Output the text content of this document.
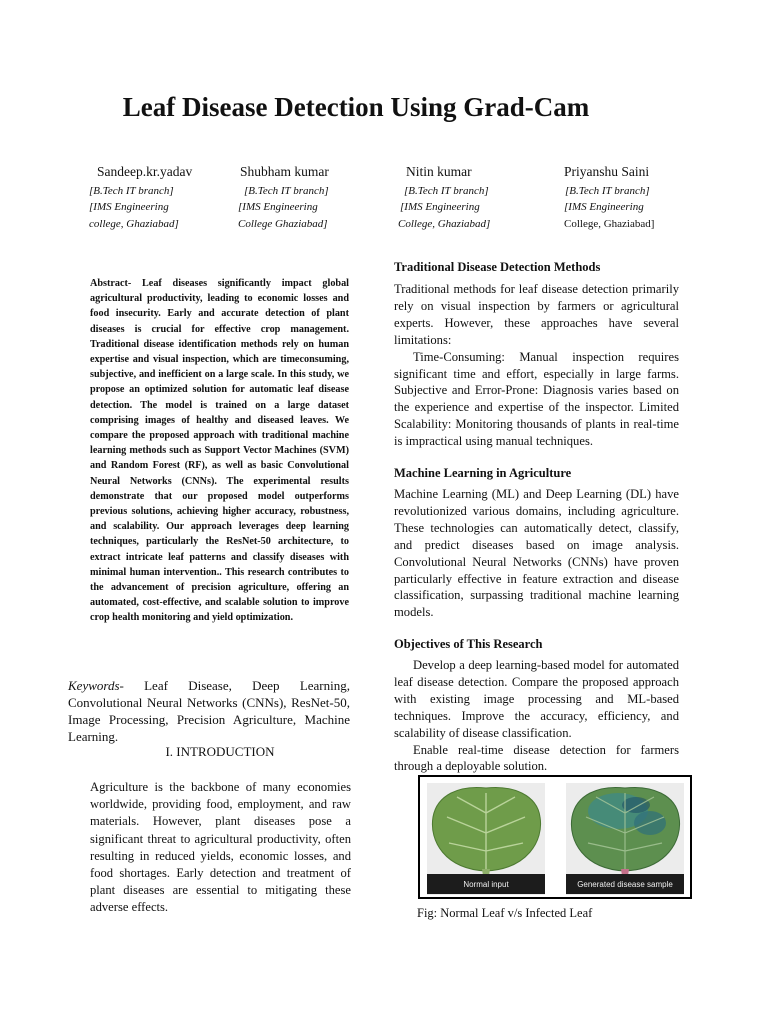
Leaf Disease Detection Using Grad-Cam
Sandeep.kr.yadav
[B.Tech IT branch]
[IMS Engineering
college, Ghaziabad]
Shubham kumar
[B.Tech IT branch]
[IMS Engineering
College Ghaziabad]
Nitin kumar
[B.Tech IT branch]
[IMS Engineering
College, Ghaziabad]
Priyanshu Saini
[B.Tech IT branch]
[IMS Engineering
College, Ghaziabad]
Abstract- Leaf diseases significantly impact global agricultural productivity, leading to economic losses and food insecurity. Early and accurate detection of plant diseases is crucial for effective crop management. Traditional disease identification methods rely on human expertise and visual inspection, which are timeconsuming, subjective, and inefficient on a large scale. In this study, we propose an optimized solution for automatic leaf disease detection. The model is trained on a large dataset comprising images of healthy and diseased leaves. We compare the proposed approach with traditional machine learning methods such as Support Vector Machines (SVM) and Random Forest (RF), as well as basic Convolutional Neural Networks (CNNs). The experimental results demonstrate that our proposed model outperforms previous solutions, achieving higher accuracy, robustness, and scalability. Our approach leverages deep learning techniques, particularly the ResNet-50 architecture, to extract intricate leaf patterns and classify diseases with minimal human intervention.. This research contributes to the advancement of precision agriculture, offering an automated, cost-effective, and scalable solution to improve crop health monitoring and yield optimization.
Keywords- Leaf Disease, Deep Learning, Convolutional Neural Networks (CNNs), ResNet-50, Image Processing, Precision Agriculture, Machine Learning.
I. INTRODUCTION
Agriculture is the backbone of many economies worldwide, providing food, employment, and raw materials. However, plant diseases pose a significant threat to agricultural productivity, often resulting in reduced yields, economic losses, and food shortages. Early detection and treatment of plant diseases are essential to mitigating these adverse effects.
Traditional Disease Detection Methods

Traditional methods for leaf disease detection primarily rely on visual inspection by farmers or agricultural experts. However, these approaches have several limitations:

Time-Consuming: Manual inspection requires significant time and effort, especially in large farms. Subjective and Error-Prone: Diagnosis varies based on the experience and expertise of the inspector. Limited Scalability: Monitoring thousands of plants in real-time is impractical using manual techniques.

Machine Learning in Agriculture

Machine Learning (ML) and Deep Learning (DL) have revolutionized various domains, including agriculture. These technologies can automatically detect, classify, and predict diseases based on image analysis. Convolutional Neural Networks (CNNs) have proven particularly effective in feature extraction and disease classification, surpassing traditional machine learning models.

Objectives of This Research

Develop a deep learning-based model for automated leaf disease detection. Compare the proposed approach with existing image processing and ML-based techniques. Improve the accuracy, efficiency, and scalability of disease classification.

Enable real-time disease detection for farmers through a deployable solution.

Normal input	Generated disease sample
Fig: Normal Leaf v/s Infected Leaf
